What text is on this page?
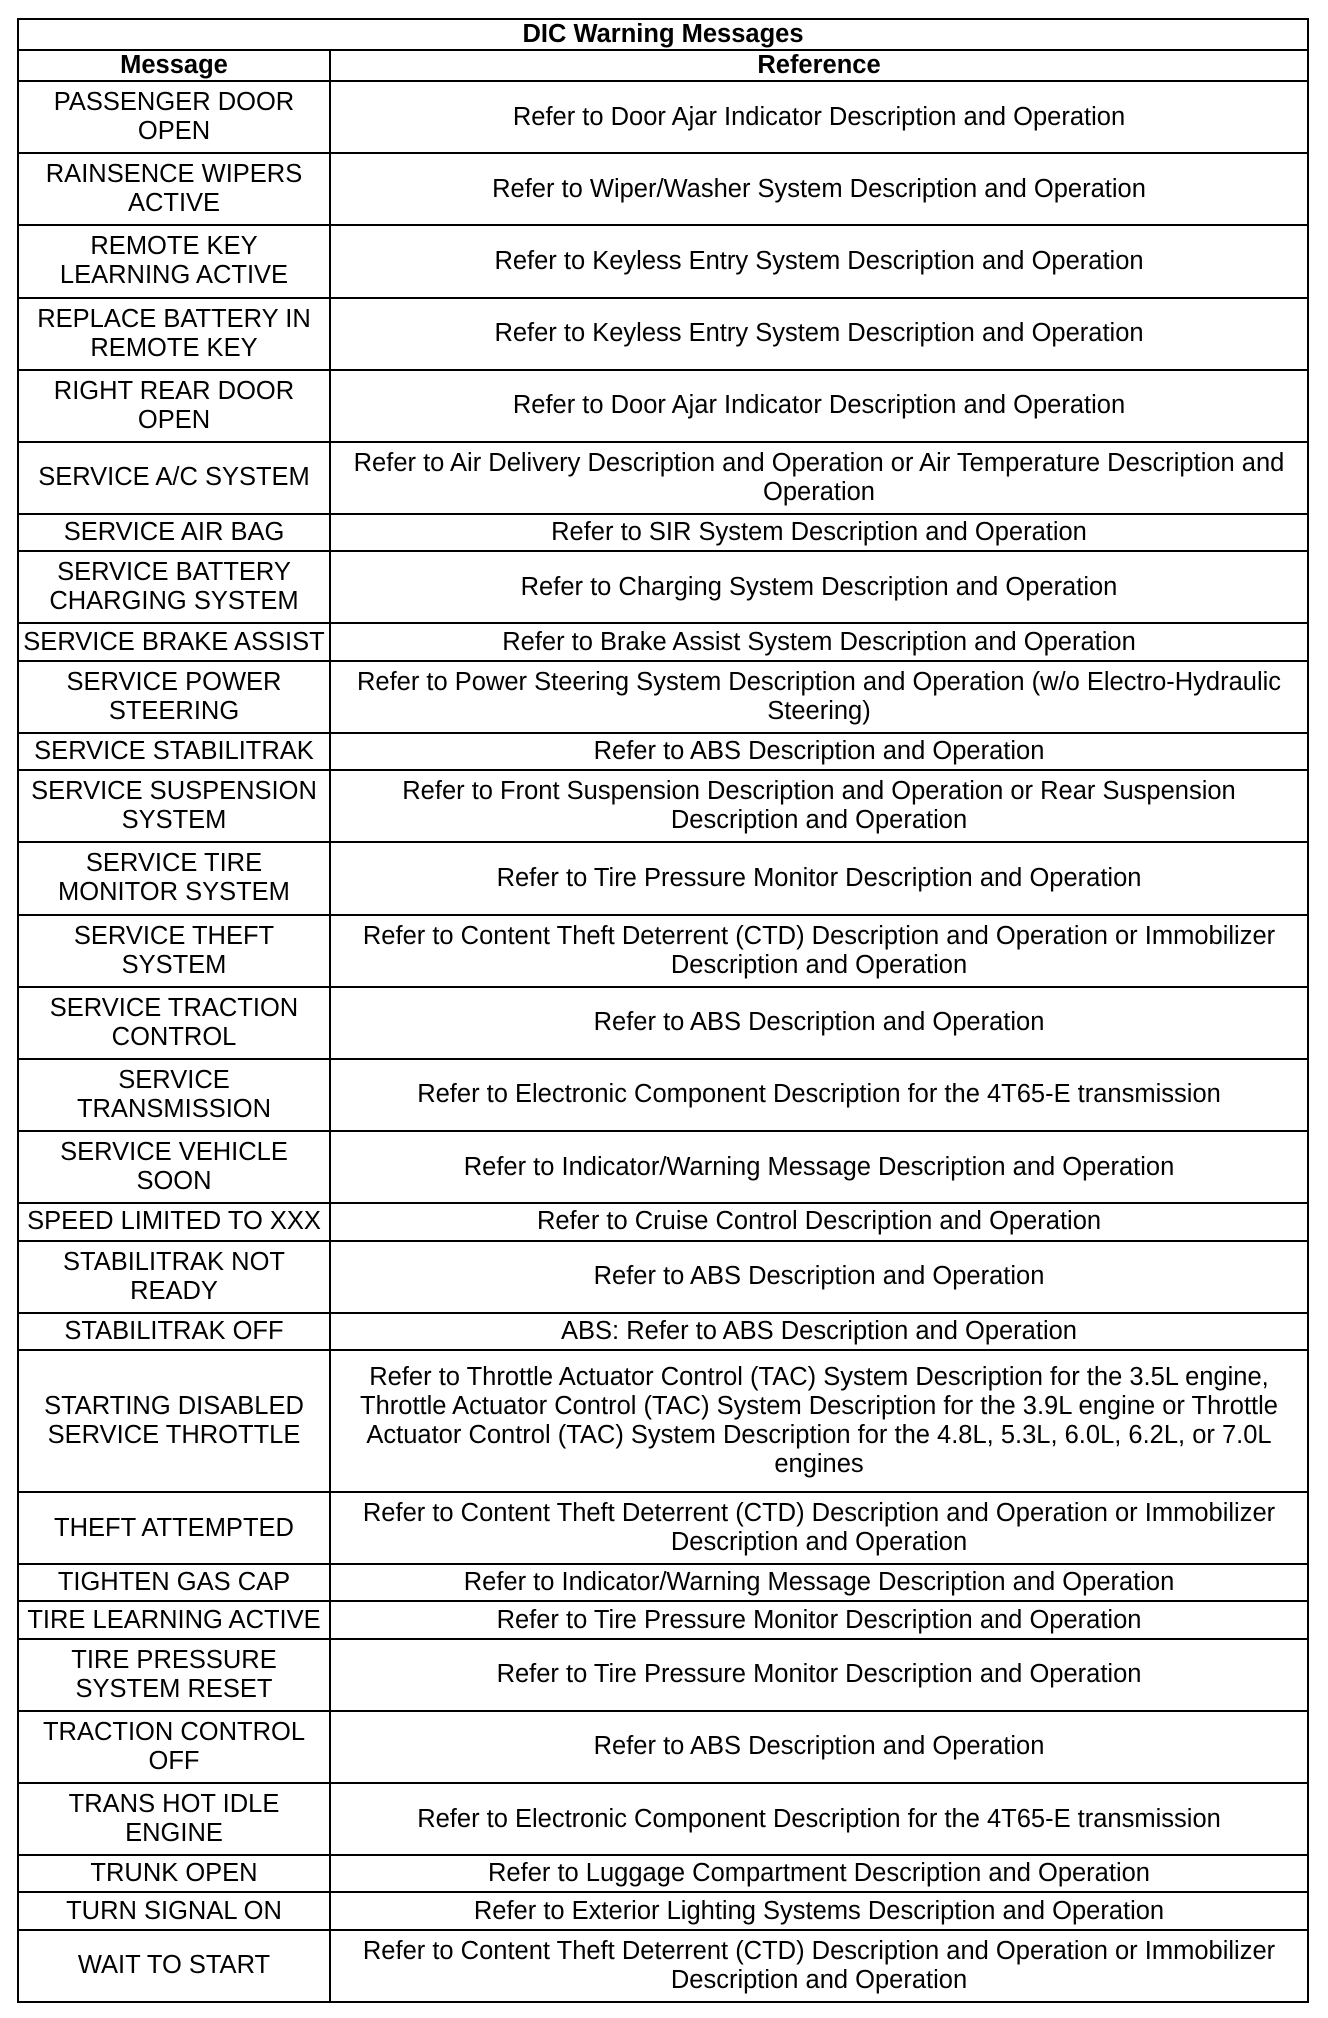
DIC Warning Messages	
Message	Reference
PASSENGER DOOR OPEN	Refer to Door Ajar Indicator Description and Operation
RAINSENCE WIPERS ACTIVE	Refer to Wiper/Washer System Description and Operation
REMOTE KEY LEARNING ACTIVE	Refer to Keyless Entry System Description and Operation
REPLACE BATTERY IN REMOTE KEY	Refer to Keyless Entry System Description and Operation
RIGHT REAR DOOR OPEN	Refer to Door Ajar Indicator Description and Operation
SERVICE A/C SYSTEM	Refer to Air Delivery Description and Operation or Air Temperature Description and Operation
SERVICE AIR BAG	Refer to SIR System Description and Operation
SERVICE BATTERY CHARGING SYSTEM	Refer to Charging System Description and Operation
SERVICE BRAKE ASSIST	Refer to Brake Assist System Description and Operation
SERVICE POWER STEERING	Refer to Power Steering System Description and Operation (w/o Electro-Hydraulic Steering)
SERVICE STABILITRAK	Refer to ABS Description and Operation
SERVICE SUSPENSION SYSTEM	Refer to Front Suspension Description and Operation or Rear Suspension Description and Operation
SERVICE TIRE MONITOR SYSTEM	Refer to Tire Pressure Monitor Description and Operation
SERVICE THEFT SYSTEM	Refer to Content Theft Deterrent (CTD) Description and Operation or Immobilizer Description and Operation
SERVICE TRACTION CONTROL	Refer to ABS Description and Operation
SERVICE TRANSMISSION	Refer to Electronic Component Description for the 4T65-E transmission
SERVICE VEHICLE SOON	Refer to Indicator/Warning Message Description and Operation
SPEED LIMITED TO XXX	Refer to Cruise Control Description and Operation
STABILITRAK NOT READY	Refer to ABS Description and Operation
STABILITRAK OFF	ABS: Refer to ABS Description and Operation
STARTING DISABLED SERVICE THROTTLE	Refer to Throttle Actuator Control (TAC) System Description for the 3.5L engine, Throttle Actuator Control (TAC) System Description for the 3.9L engine or Throttle Actuator Control (TAC) System Description for the 4.8L, 5.3L, 6.0L, 6.2L, or 7.0L engines
THEFT ATTEMPTED	Refer to Content Theft Deterrent (CTD) Description and Operation or Immobilizer Description and Operation
TIGHTEN GAS CAP	Refer to Indicator/Warning Message Description and Operation
TIRE LEARNING ACTIVE	Refer to Tire Pressure Monitor Description and Operation
TIRE PRESSURE SYSTEM RESET	Refer to Tire Pressure Monitor Description and Operation
TRACTION CONTROL OFF	Refer to ABS Description and Operation
TRANS HOT IDLE ENGINE	Refer to Electronic Component Description for the 4T65-E transmission
TRUNK OPEN	Refer to Luggage Compartment Description and Operation
TURN SIGNAL ON	Refer to Exterior Lighting Systems Description and Operation
WAIT TO START	Refer to Content Theft Deterrent (CTD) Description and Operation or Immobilizer Description and Operation
